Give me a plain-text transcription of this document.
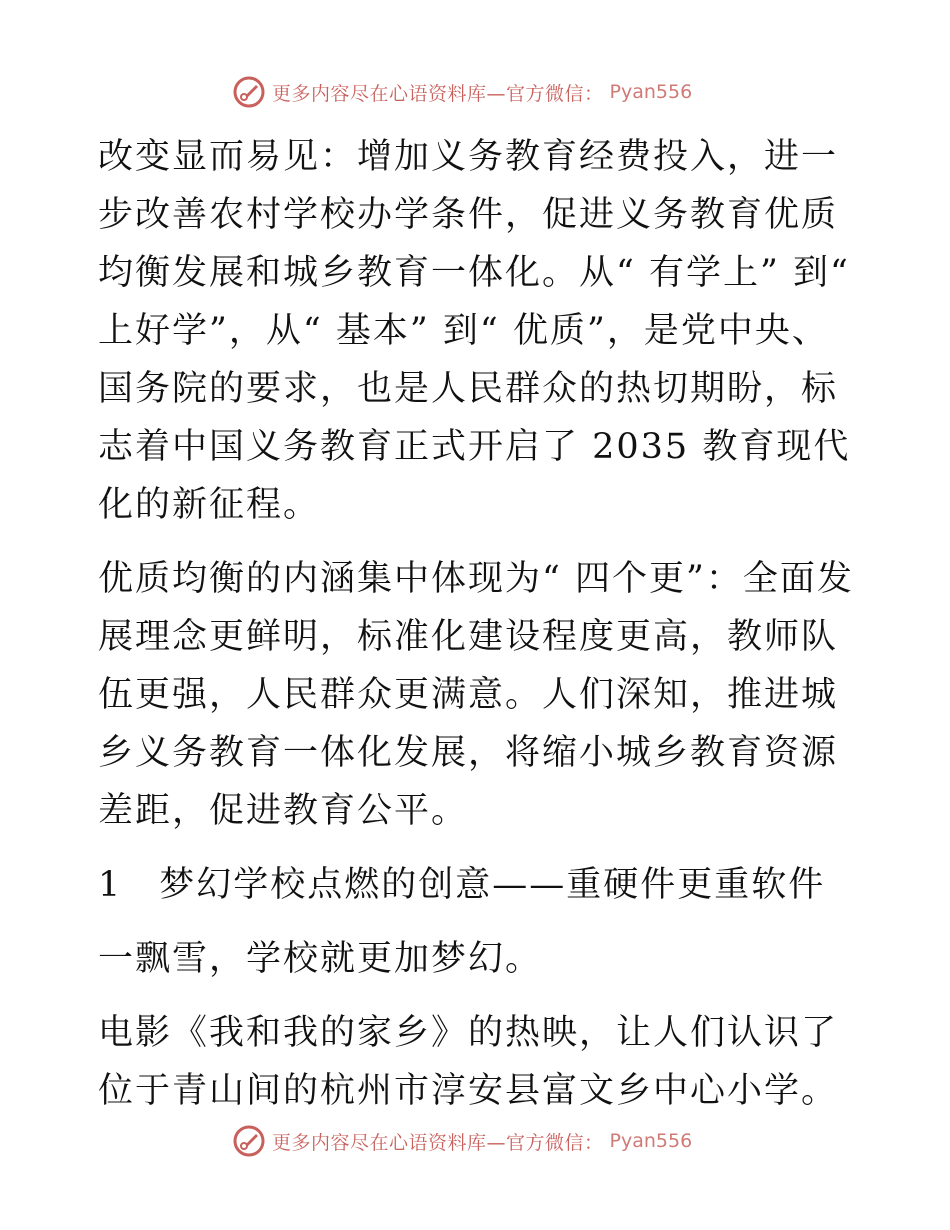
更多内容尽在心语资料库—官方微信： Pyan556

改变显而易见：增加义务教育经费投入，进一步改善农村学校办学条件，促进义务教育优质均衡发展和城乡教育一体化。从“ 有学上” 到“ 上好学”，从“ 基本” 到“ 优质”，是党中央、国务院的要求，也是人民群众的热切期盼，标志着中国义务教育正式开启了 2035 教育现代化的新征程。

优质均衡的内涵集中体现为“ 四个更”：全面发展理念更鲜明，标准化建设程度更高，教师队伍更强，人民群众更满意。人们深知，推进城乡义务教育一体化发展，将缩小城乡教育资源差距，促进教育公平。

1　梦幻学校点燃的创意——重硬件更重软件

一飘雪，学校就更加梦幻。

电影《我和我的家乡》的热映，让人们认识了位于青山间的杭州市淳安县富文乡中心小学。

更多内容尽在心语资料库—官方微信： Pyan556
